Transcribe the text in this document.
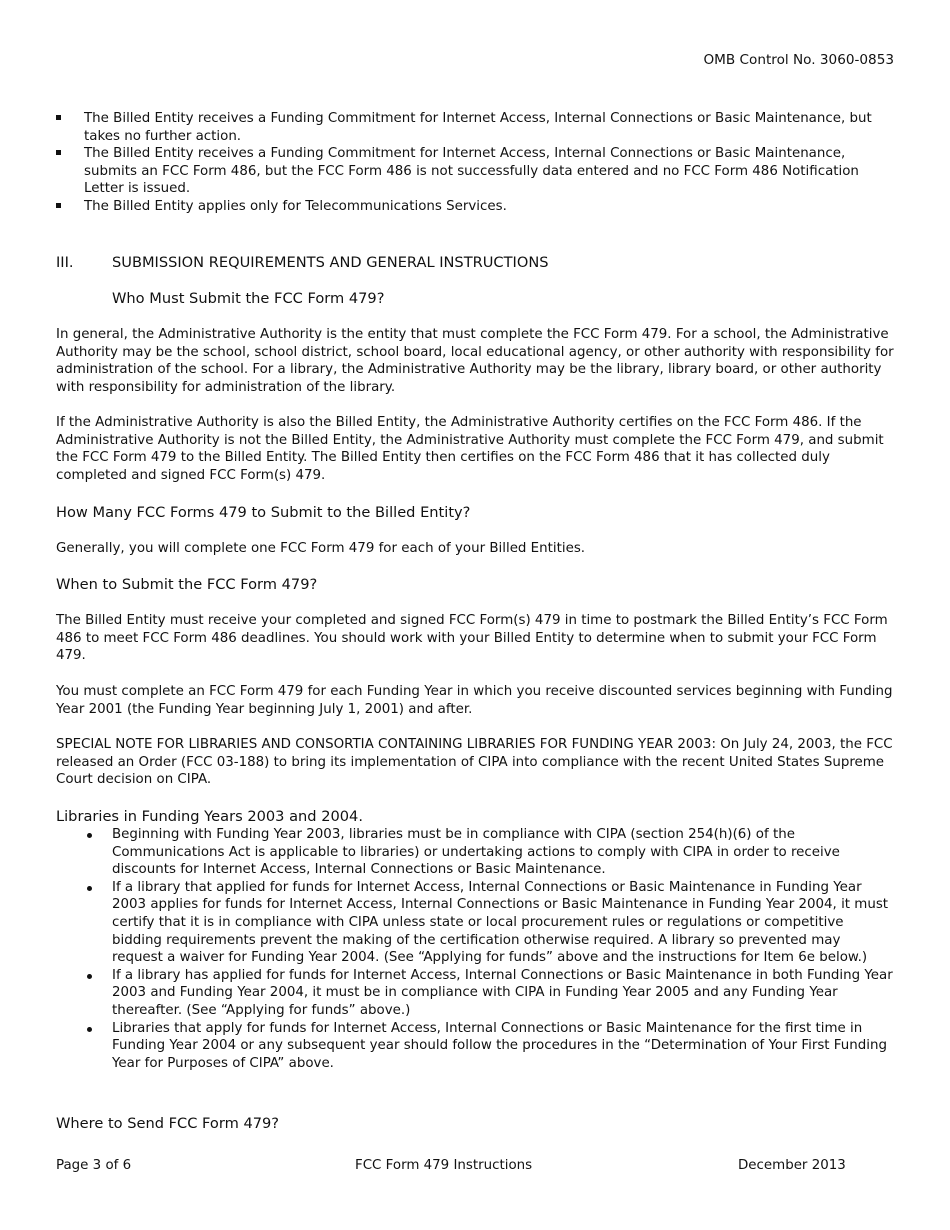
OMB Control No. 3060-0853
The Billed Entity receives a Funding Commitment for Internet Access, Internal Connections or Basic Maintenance, but takes no further action.
The Billed Entity receives a Funding Commitment for Internet Access, Internal Connections or Basic Maintenance, submits an FCC Form 486, but the FCC Form 486 is not successfully data entered and no FCC Form 486 Notification Letter is issued.
The Billed Entity applies only for Telecommunications Services.
III.	SUBMISSION REQUIREMENTS AND GENERAL INSTRUCTIONS
Who Must Submit the FCC Form 479?
In general, the Administrative Authority is the entity that must complete the FCC Form 479. For a school, the Administrative Authority may be the school, school district, school board, local educational agency, or other authority with responsibility for administration of the school. For a library, the Administrative Authority may be the library, library board, or other authority with responsibility for administration of the library.
If the Administrative Authority is also the Billed Entity, the Administrative Authority certifies on the FCC Form 486. If the Administrative Authority is not the Billed Entity, the Administrative Authority must complete the FCC Form 479, and submit the FCC Form 479 to the Billed Entity. The Billed Entity then certifies on the FCC Form 486 that it has collected duly completed and signed FCC Form(s) 479.
How Many FCC Forms 479 to Submit to the Billed Entity?
Generally, you will complete one FCC Form 479 for each of your Billed Entities.
When to Submit the FCC Form 479?
The Billed Entity must receive your completed and signed FCC Form(s) 479 in time to postmark the Billed Entity’s FCC Form 486 to meet FCC Form 486 deadlines. You should work with your Billed Entity to determine when to submit your FCC Form 479.
You must complete an FCC Form 479 for each Funding Year in which you receive discounted services beginning with Funding Year 2001 (the Funding Year beginning July 1, 2001) and after.
SPECIAL NOTE FOR LIBRARIES AND CONSORTIA CONTAINING LIBRARIES FOR FUNDING YEAR 2003: On July 24, 2003, the FCC released an Order (FCC 03-188) to bring its implementation of CIPA into compliance with the recent United States Supreme Court decision on CIPA.
Libraries in Funding Years 2003 and 2004.
Beginning with Funding Year 2003, libraries must be in compliance with CIPA (section 254(h)(6) of the Communications Act is applicable to libraries) or undertaking actions to comply with CIPA in order to receive discounts for Internet Access, Internal Connections or Basic Maintenance.
If a library that applied for funds for Internet Access, Internal Connections or Basic Maintenance in Funding Year 2003 applies for funds for Internet Access, Internal Connections or Basic Maintenance in Funding Year 2004, it must certify that it is in compliance with CIPA unless state or local procurement rules or regulations or competitive bidding requirements prevent the making of the certification otherwise required. A library so prevented may request a waiver for Funding Year 2004. (See “Applying for funds” above and the instructions for Item 6e below.)
If a library has applied for funds for Internet Access, Internal Connections or Basic Maintenance in both Funding Year 2003 and Funding Year 2004, it must be in compliance with CIPA in Funding Year 2005 and any Funding Year thereafter. (See “Applying for funds” above.)
Libraries that apply for funds for Internet Access, Internal Connections or Basic Maintenance for the first time in Funding Year 2004 or any subsequent year should follow the procedures in the “Determination of Your First Funding Year for Purposes of CIPA” above.
Where to Send FCC Form 479?
Page 3 of 6	FCC Form 479 Instructions	December 2013
